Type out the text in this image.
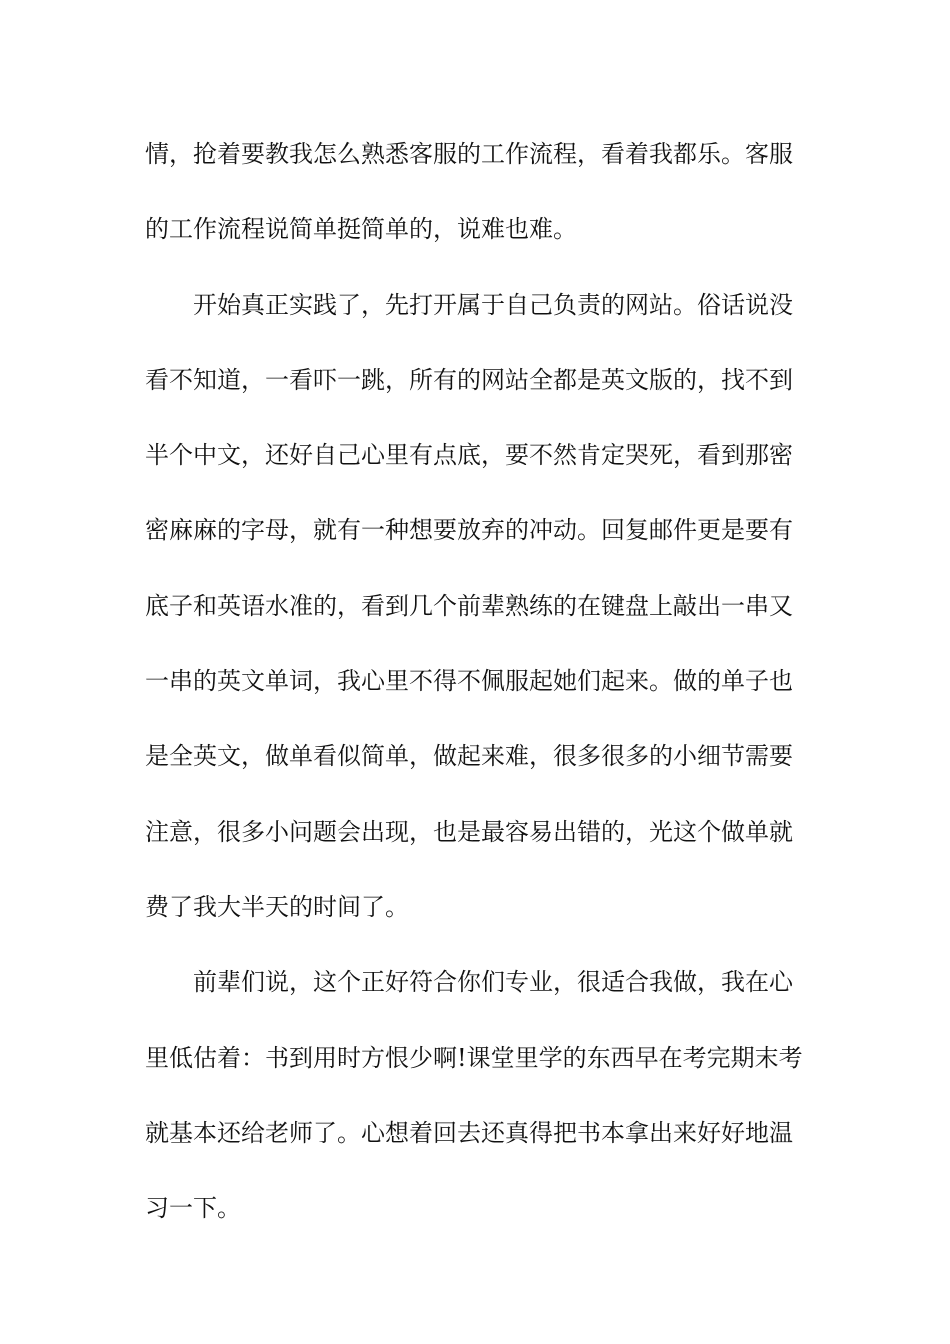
情，抢着要教我怎么熟悉客服的工作流程，看着我都乐。客服
的工作流程说简单挺简单的，说难也难。
开始真正实践了，先打开属于自己负责的网站。俗话说没
看不知道，一看吓一跳，所有的网站全都是英文版的，找不到
半个中文，还好自己心里有点底，要不然肯定哭死，看到那密
密麻麻的字母，就有一种想要放弃的冲动。回复邮件更是要有
底子和英语水准的，看到几个前辈熟练的在键盘上敲出一串又
一串的英文单词，我心里不得不佩服起她们起来。做的单子也
是全英文，做单看似简单，做起来难，很多很多的小细节需要
注意，很多小问题会出现，也是最容易出错的，光这个做单就
费了我大半天的时间了。
前辈们说，这个正好符合你们专业，很适合我做，我在心
里低估着：书到用时方恨少啊!课堂里学的东西早在考完期末考
就基本还给老师了。心想着回去还真得把书本拿出来好好地温
习一下。
